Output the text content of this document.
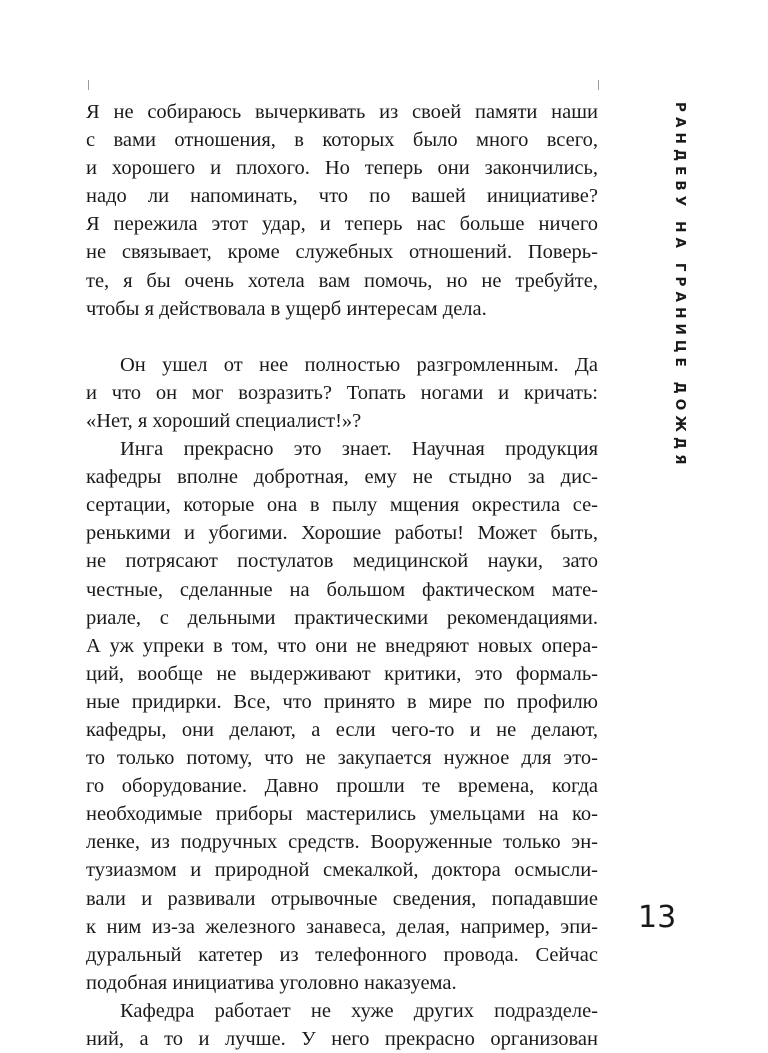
Я не собираюсь вычеркивать из своей памяти наши
с вами отношения, в которых было много всего,
и хорошего и плохого. Но теперь они закончились,
надо ли напоминать, что по вашей инициативе?
Я пережила этот удар, и теперь нас больше ничего
не связывает, кроме служебных отношений. Поверь-
те, я бы очень хотела вам помочь, но не требуйте,
чтобы я действовала в ущерб интересам дела.
Он ушел от нее полностью разгромленным. Да
и что он мог возразить? Топать ногами и кричать:
«Нет, я хороший специалист!»?
Инга прекрасно это знает. Научная продукция
кафедры вполне добротная, ему не стыдно за дис-
сертации, которые она в пылу мщения окрестила се-
ренькими и убогими. Хорошие работы! Может быть,
не потрясают постулатов медицинской науки, зато
честные, сделанные на большом фактическом мате-
риале, с дельными практическими рекомендациями.
А уж упреки в том, что они не внедряют новых опера-
ций, вообще не выдерживают критики, это формаль-
ные придирки. Все, что принято в мире по профилю
кафедры, они делают, а если чего-то и не делают,
то только потому, что не закупается нужное для это-
го оборудование. Давно прошли те времена, когда
необходимые приборы мастерились умельцами на ко-
ленке, из подручных средств. Вооруженные только эн-
тузиазмом и природной смекалкой, доктора осмысли-
вали и развивали отрывочные сведения, попадавшие
к ним из-за железного занавеса, делая, например, эпи-
дуральный катетер из телефонного провода. Сейчас
подобная инициатива уголовно наказуема.
Кафедра работает не хуже других подразделе-
ний, а то и лучше. У него прекрасно организован
РАНДЕВУ НА ГРАНИЦЕ ДОЖДЯ
13
